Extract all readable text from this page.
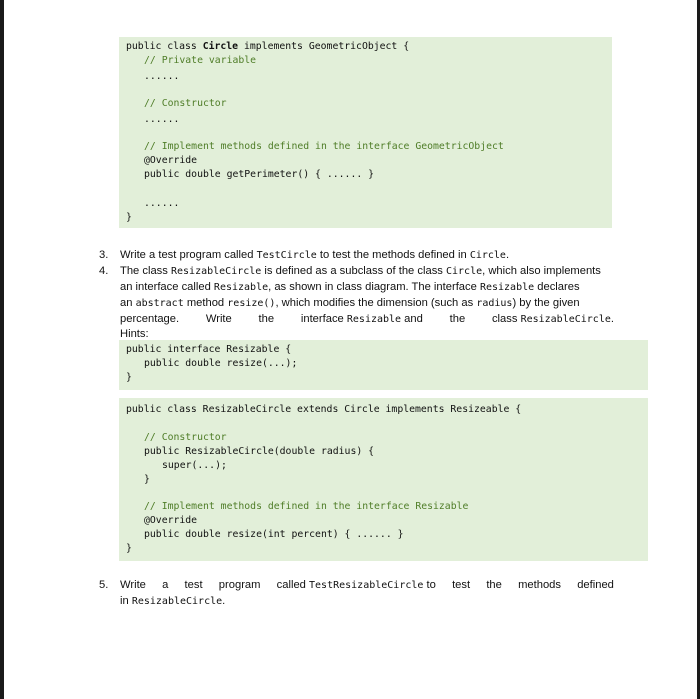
public class Circle implements GeometricObject {
// Private variable
......
// Constructor
......
// Implement methods defined in the interface GeometricObject
@Override
public double getPerimeter() { ...... }
......
}
3. Write a test program called TestCircle to test the methods defined in Circle.
4. The class ResizableCircle is defined as a subclass of the class Circle, which also implements
an interface called Resizable, as shown in class diagram. The interface Resizable declares
an abstract method resize(), which modifies the dimension (such as radius) by the given
percentage. Write the interface Resizable and the class ResizableCircle.
Hints:
public interface Resizable {
public double resize(...);
}
public class ResizableCircle extends Circle implements Resizeable {
// Constructor
public ResizableCircle(double radius) {
super(...);
}
// Implement methods defined in the interface Resizable
@Override
public double resize(int percent) { ...... }
}
5. Write a test program called TestResizableCircle to test the methods defined
in ResizableCircle.
